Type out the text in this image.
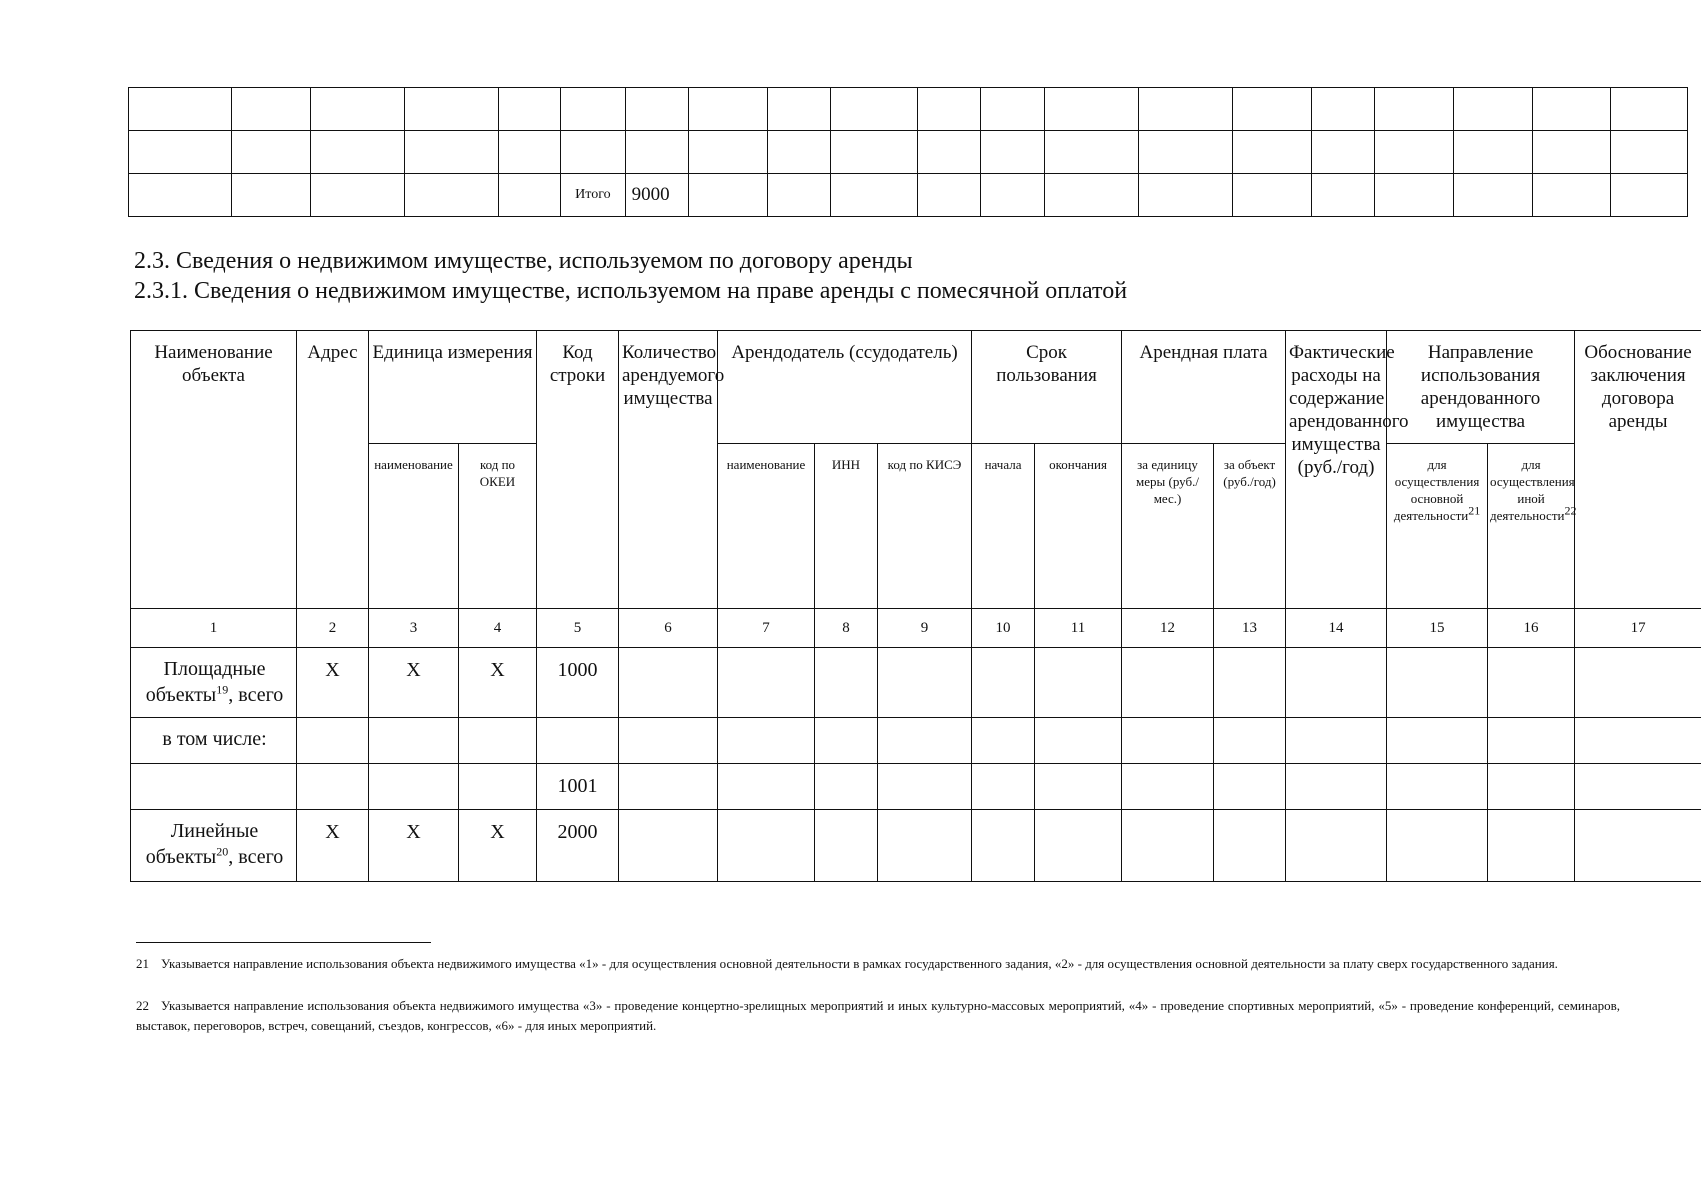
					Итого	9000													
2.3. Сведения о недвижимом имуществе, используемом по договору аренды
2.3.1. Сведения о недвижимом имуществе, используемом на праве аренды с помесячной оплатой
Наименование объекта	Адрес	Единица измерения		Код строки	Количество арендуемого имущества	Арендодатель (ссудодатель)			Срок пользования		Арендная плата		Фактические расходы на содержание арендованного имущества (руб./год)	Направление использования арендованного имущества		Обоснование заключения договора аренды
		наименование	код по ОКЕИ			наименование	ИНН	код по КИСЭ	начала	окончания	за единицу меры (руб./мес.)	за объект (руб./год)		для осуществления основной деятельности$^{21}$	для осуществления иной деятельности$^{22}$
1	2	3	4	5	6	7	8	9	10	11	12	13	14	15	16	17
Площадные объекты$^{19}$, всего	X	X	X	1000												
в том числе:																
				1001												
Линейные объекты$^{20}$, всего	X	X	X	2000												

21 Указывается направление использования объекта недвижимого имущества «1» - для осуществления основной деятельности в рамках государственного задания, «2» - для осуществления основной деятельности за плату сверх государственного задания.

22 Указывается направление использования объекта недвижимого имущества «3» - проведение концертно-зрелищных мероприятий и иных культурно-массовых мероприятий, «4» - проведение спортивных мероприятий, «5» - проведение конференций, семинаров, выставок, переговоров, встреч, совещаний, съездов, конгрессов, «6» - для иных мероприятий.
